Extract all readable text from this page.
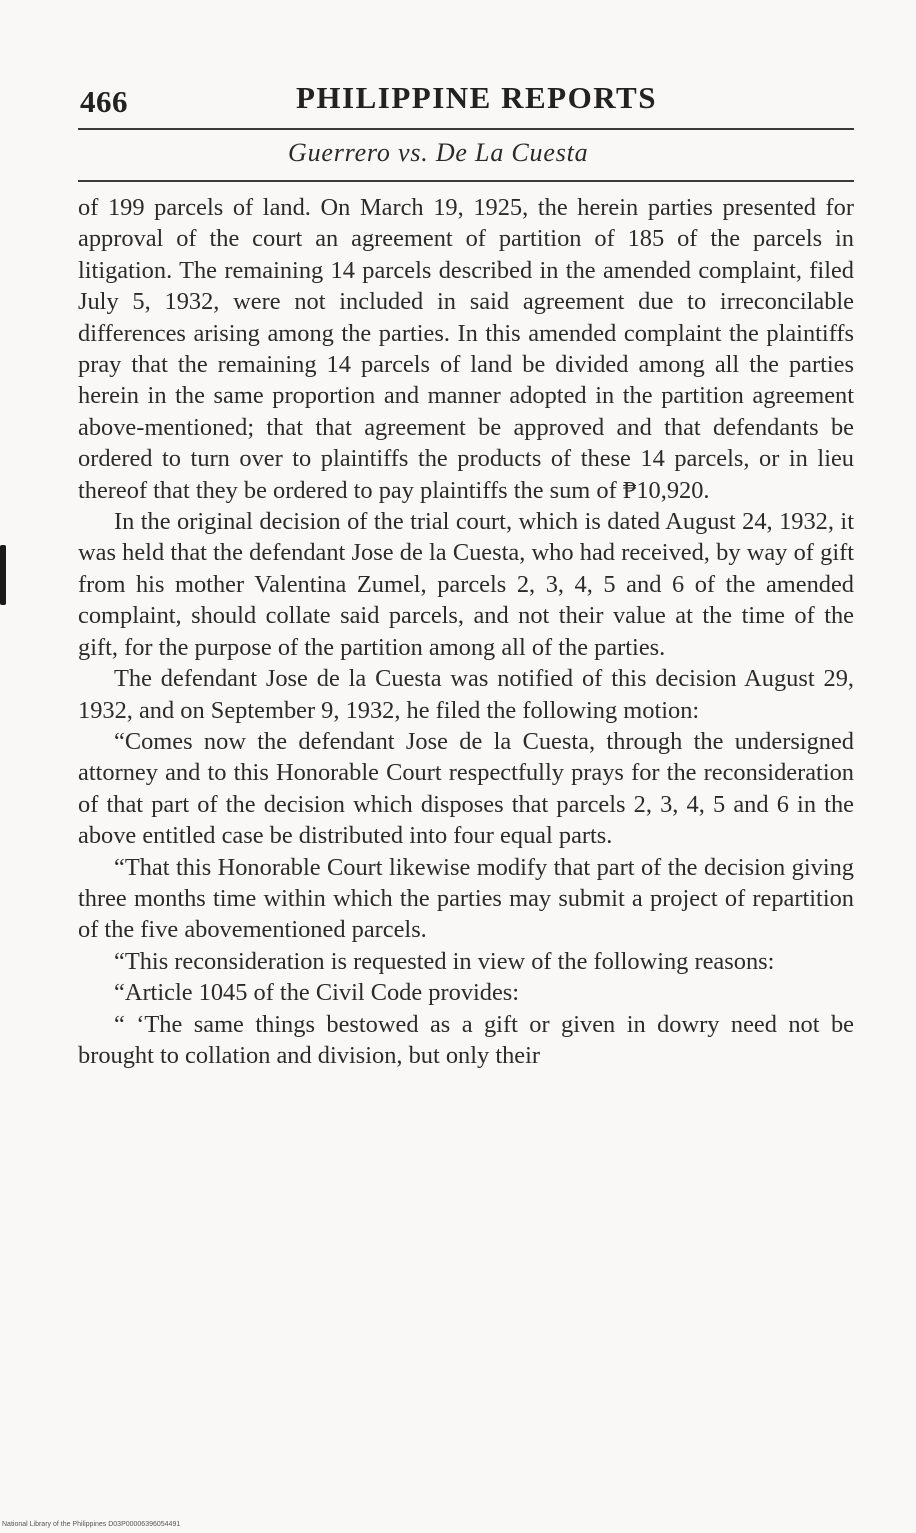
466	PHILIPPINE REPORTS
Guerrero vs. De La Cuesta

of 199 parcels of land. On March 19, 1925, the herein parties presented for approval of the court an agreement of partition of 185 of the parcels in litigation. The remaining 14 parcels described in the amended complaint, filed July 5, 1932, were not included in said agreement due to irreconcilable differences arising among the parties. In this amended complaint the plaintiffs pray that the remaining 14 parcels of land be divided among all the parties herein in the same proportion and manner adopted in the partition agreement above-mentioned; that that agreement be approved and that defendants be ordered to turn over to plaintiffs the products of these 14 parcels, or in lieu thereof that they be ordered to pay plaintiffs the sum of ₱10,920.

In the original decision of the trial court, which is dated August 24, 1932, it was held that the defendant Jose de la Cuesta, who had received, by way of gift from his mother Valentina Zumel, parcels 2, 3, 4, 5 and 6 of the amended complaint, should collate said parcels, and not their value at the time of the gift, for the purpose of the partition among all of the parties.

The defendant Jose de la Cuesta was notified of this decision August 29, 1932, and on September 9, 1932, he filed the following motion:

“Comes now the defendant Jose de la Cuesta, through the undersigned attorney and to this Honorable Court respectfully prays for the reconsideration of that part of the decision which disposes that parcels 2, 3, 4, 5 and 6 in the above entitled case be distributed into four equal parts.

“That this Honorable Court likewise modify that part of the decision giving three months time within which the parties may submit a project of repartition of the five abovementioned parcels.

“This reconsideration is requested in view of the following reasons:

“Article 1045 of the Civil Code provides:

“ ‘The same things bestowed as a gift or given in dowry need not be brought to collation and division, but only their

National Library of the Philippines D03P00006396054491
